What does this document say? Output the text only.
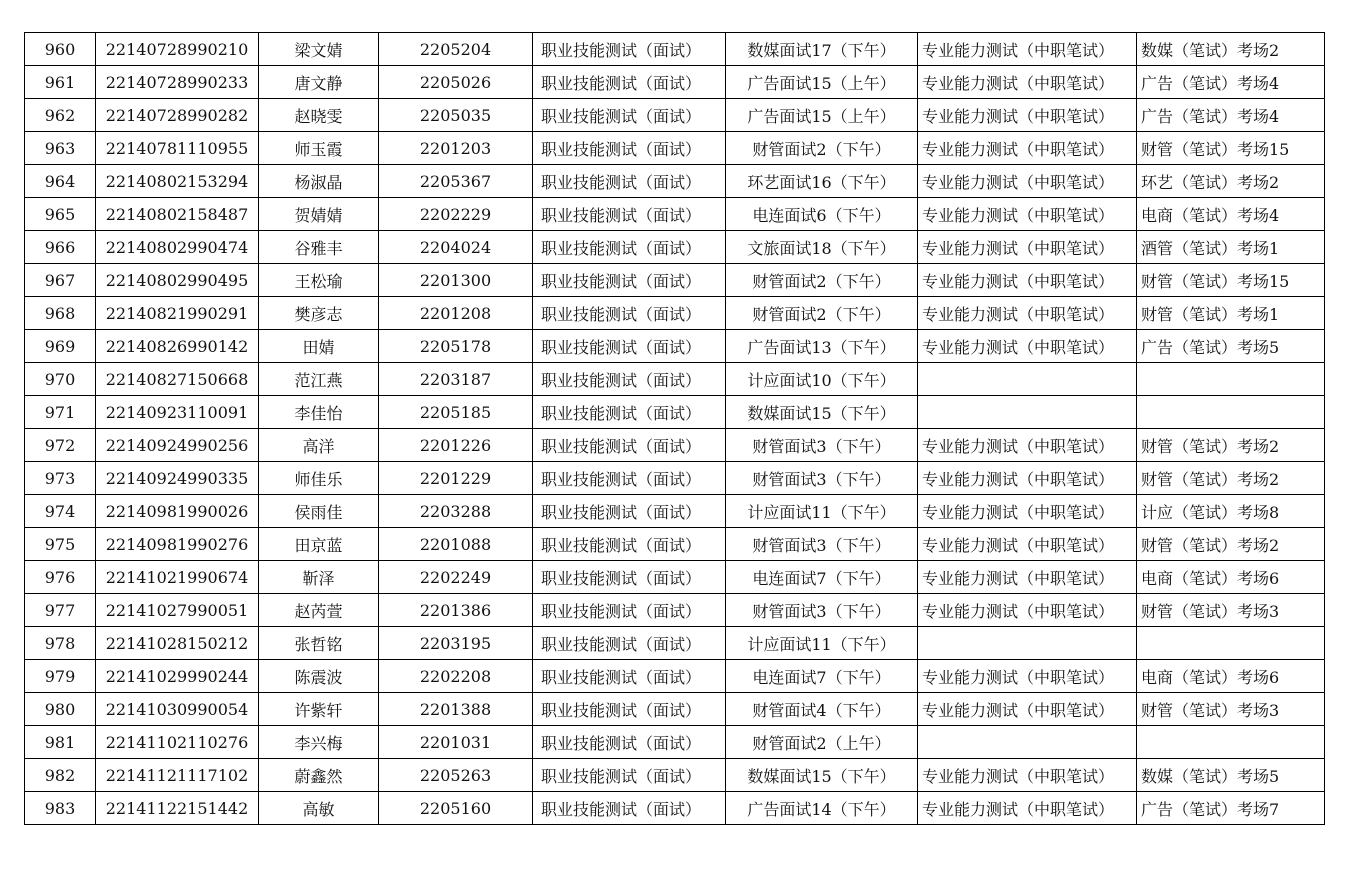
960	22140728990210	梁文婧	2205204	职业技能测试（面试）	数媒面试17（下午）	专业能力测试（中职笔试）	数媒（笔试）考场2
961	22140728990233	唐文静	2205026	职业技能测试（面试）	广告面试15（上午）	专业能力测试（中职笔试）	广告（笔试）考场4
962	22140728990282	赵晓雯	2205035	职业技能测试（面试）	广告面试15（上午）	专业能力测试（中职笔试）	广告（笔试）考场4
963	22140781110955	师玉霞	2201203	职业技能测试（面试）	财管面试2（下午）	专业能力测试（中职笔试）	财管（笔试）考场15
964	22140802153294	杨淑晶	2205367	职业技能测试（面试）	环艺面试16（下午）	专业能力测试（中职笔试）	环艺（笔试）考场2
965	22140802158487	贺婧婧	2202229	职业技能测试（面试）	电连面试6（下午）	专业能力测试（中职笔试）	电商（笔试）考场4
966	22140802990474	谷雅丰	2204024	职业技能测试（面试）	文旅面试18（下午）	专业能力测试（中职笔试）	酒管（笔试）考场1
967	22140802990495	王松瑜	2201300	职业技能测试（面试）	财管面试2（下午）	专业能力测试（中职笔试）	财管（笔试）考场15
968	22140821990291	樊彦志	2201208	职业技能测试（面试）	财管面试2（下午）	专业能力测试（中职笔试）	财管（笔试）考场1
969	22140826990142	田婧	2205178	职业技能测试（面试）	广告面试13（下午）	专业能力测试（中职笔试）	广告（笔试）考场5
970	22140827150668	范江燕	2203187	职业技能测试（面试）	计应面试10（下午）		
971	22140923110091	李佳怡	2205185	职业技能测试（面试）	数媒面试15（下午）		
972	22140924990256	高洋	2201226	职业技能测试（面试）	财管面试3（下午）	专业能力测试（中职笔试）	财管（笔试）考场2
973	22140924990335	师佳乐	2201229	职业技能测试（面试）	财管面试3（下午）	专业能力测试（中职笔试）	财管（笔试）考场2
974	22140981990026	侯雨佳	2203288	职业技能测试（面试）	计应面试11（下午）	专业能力测试（中职笔试）	计应（笔试）考场8
975	22140981990276	田京蓝	2201088	职业技能测试（面试）	财管面试3（下午）	专业能力测试（中职笔试）	财管（笔试）考场2
976	22141021990674	靳泽	2202249	职业技能测试（面试）	电连面试7（下午）	专业能力测试（中职笔试）	电商（笔试）考场6
977	22141027990051	赵芮萱	2201386	职业技能测试（面试）	财管面试3（下午）	专业能力测试（中职笔试）	财管（笔试）考场3
978	22141028150212	张哲铭	2203195	职业技能测试（面试）	计应面试11（下午）		
979	22141029990244	陈震波	2202208	职业技能测试（面试）	电连面试7（下午）	专业能力测试（中职笔试）	电商（笔试）考场6
980	22141030990054	许紫轩	2201388	职业技能测试（面试）	财管面试4（下午）	专业能力测试（中职笔试）	财管（笔试）考场3
981	22141102110276	李兴梅	2201031	职业技能测试（面试）	财管面试2（上午）		
982	22141121117102	蔚鑫然	2205263	职业技能测试（面试）	数媒面试15（下午）	专业能力测试（中职笔试）	数媒（笔试）考场5
983	22141122151442	高敏	2205160	职业技能测试（面试）	广告面试14（下午）	专业能力测试（中职笔试）	广告（笔试）考场7
